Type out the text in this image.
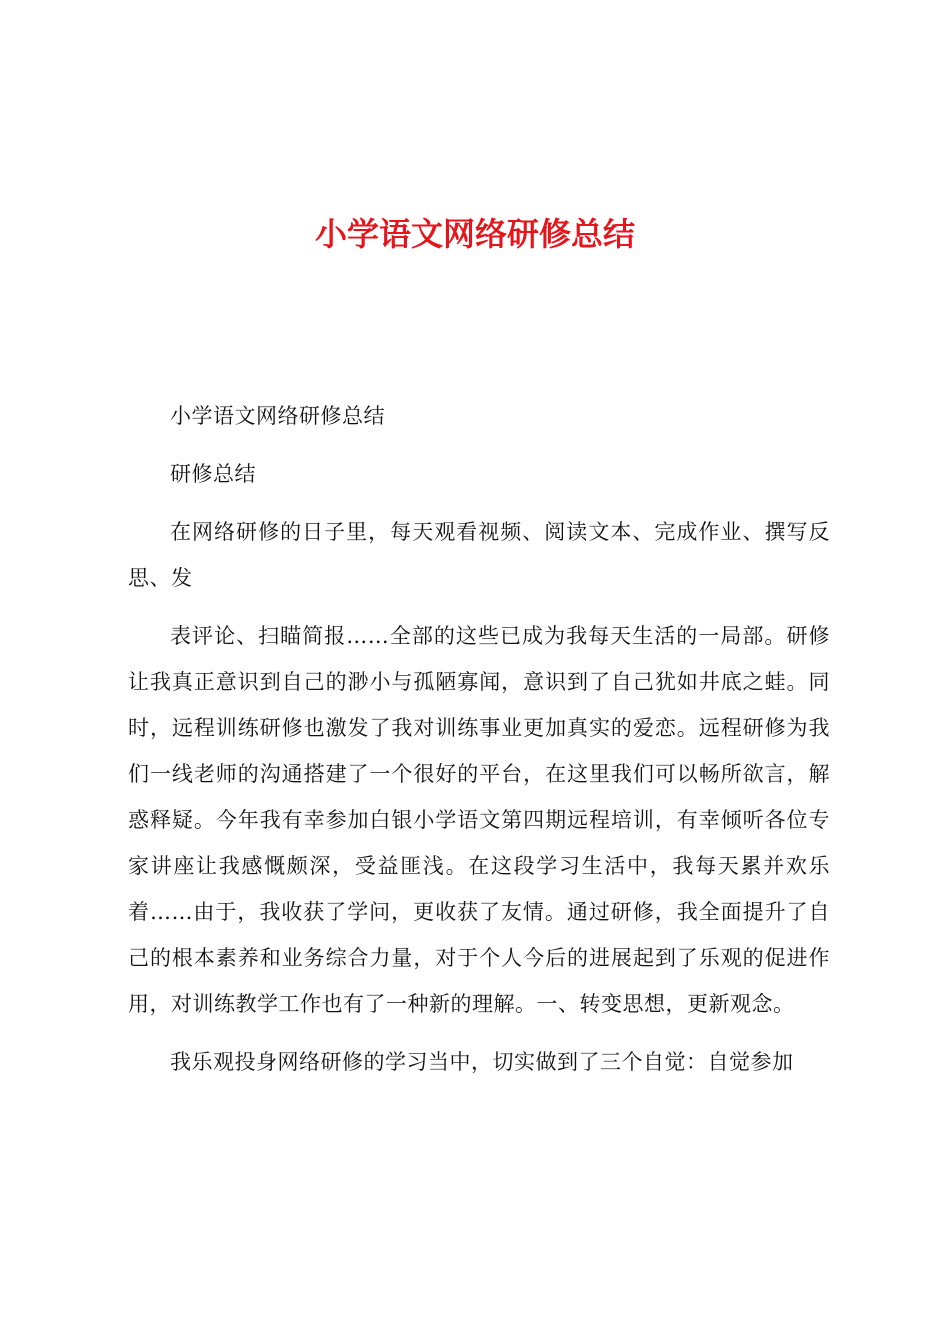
小学语文网络研修总结

小学语文网络研修总结

研修总结

在网络研修的日子里，每天观看视频、阅读文本、完成作业、撰写反思、发

表评论、扫瞄简报……全部的这些已成为我每天生活的一局部。研修让我真正意识到自己的渺小与孤陋寡闻，意识到了自己犹如井底之蛙。同时，远程训练研修也激发了我对训练事业更加真实的爱恋。远程研修为我们一线老师的沟通搭建了一个很好的平台，在这里我们可以畅所欲言，解惑释疑。今年我有幸参加白银小学语文第四期远程培训，有幸倾听各位专家讲座让我感慨颇深，受益匪浅。在这段学习生活中，我每天累并欢乐着……由于，我收获了学问，更收获了友情。通过研修，我全面提升了自己的根本素养和业务综合力量，对于个人今后的进展起到了乐观的促进作用，对训练教学工作也有了一种新的理解。一、转变思想，更新观念。

我乐观投身网络研修的学习当中，切实做到了三个自觉：自觉参加
